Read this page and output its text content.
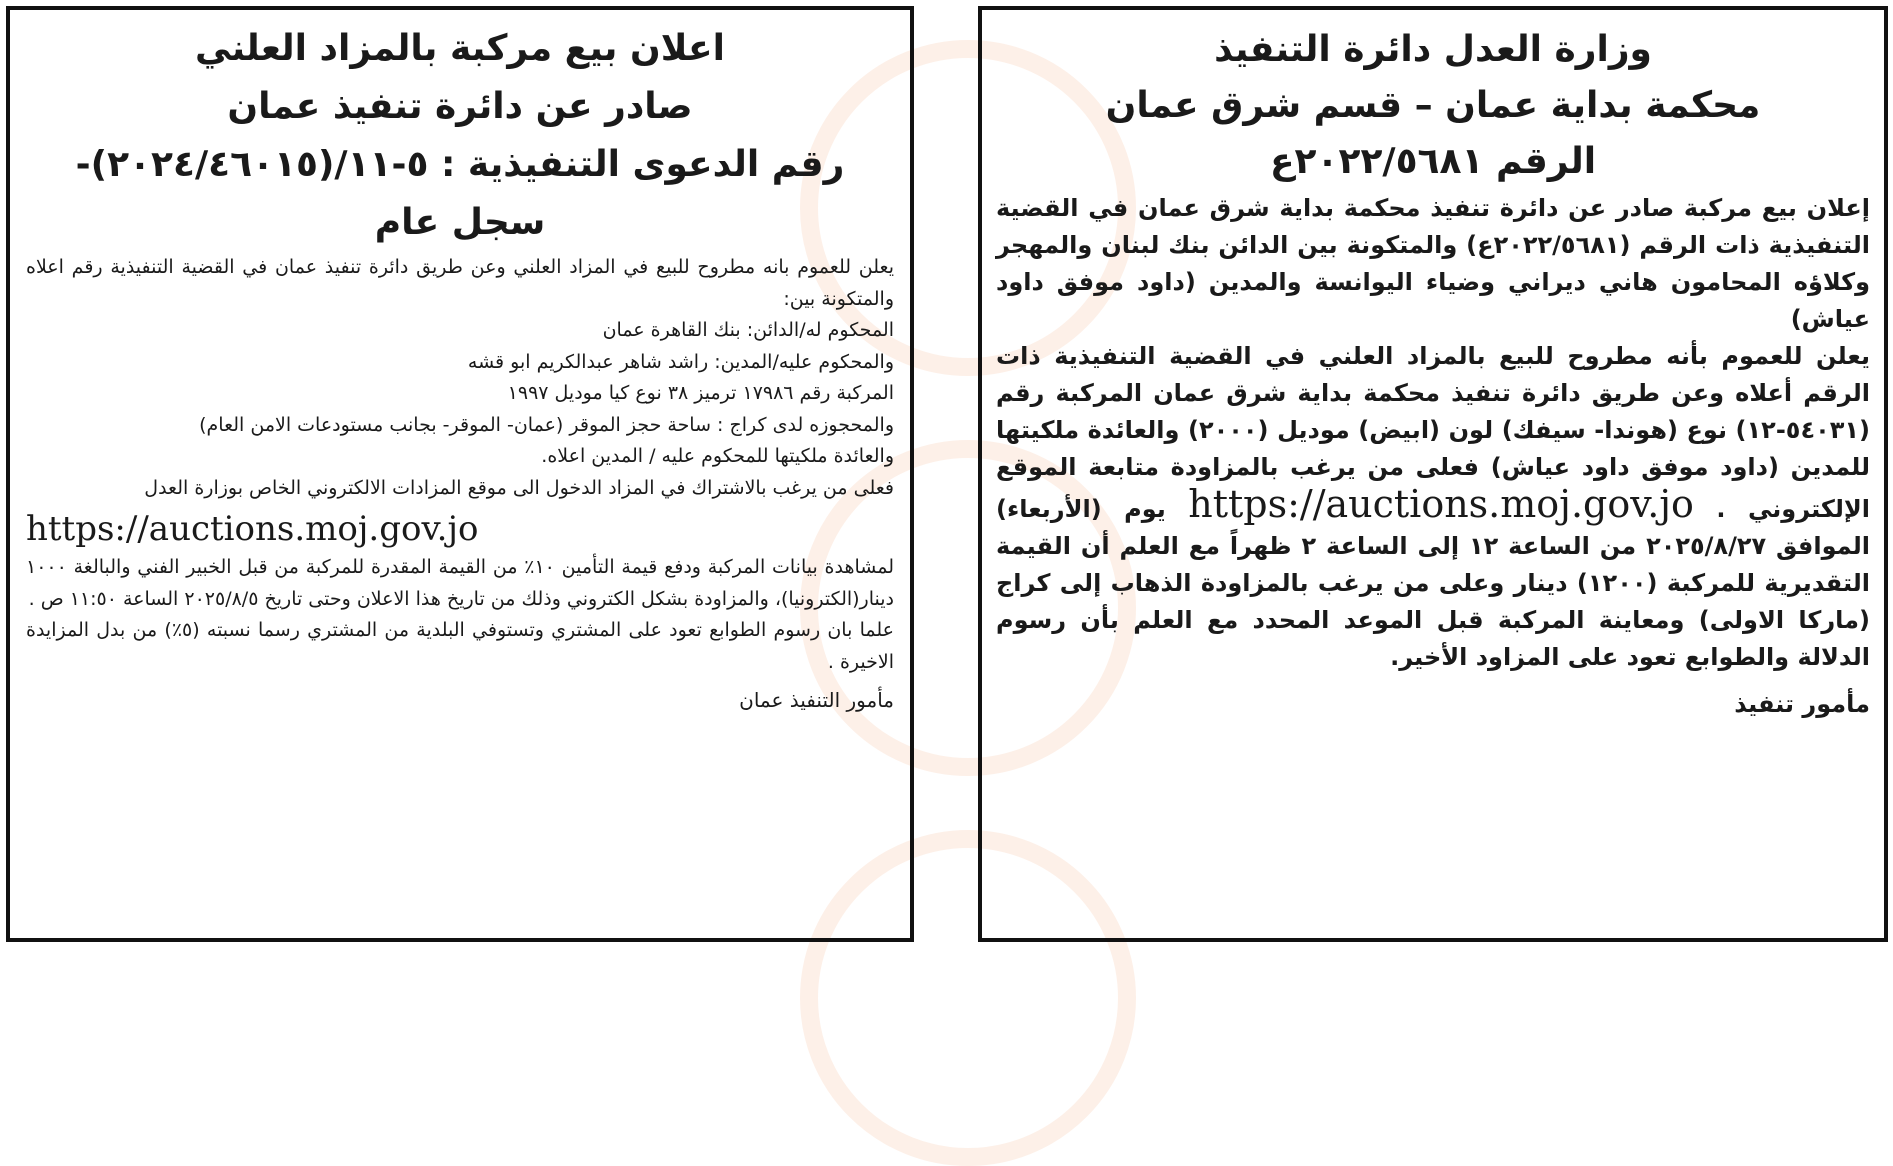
وزارة العدل دائرة التنفيذ

محكمة بداية عمان – قسم شرق عمان

الرقم ٢٠٢٢/٥٦٨١ع

إعلان بيع مركبة صادر عن دائرة تنفيذ محكمة بداية شرق عمان في القضية التنفيذية ذات الرقم (٢٠٢٢/٥٦٨١ع) والمتكونة بين الدائن بنك لبنان والمهجر وكلاؤه المحامون هاني ديراني وضياء اليوانسة والمدين (داود موفق داود عياش)

يعلن للعموم بأنه مطروح للبيع بالمزاد العلني في القضية التنفيذية ذات الرقم أعلاه وعن طريق دائرة تنفيذ محكمة بداية شرق عمان المركبة رقم (٥٤٠٣١-١٢) نوع (هوندا- سيفك) لون (ابيض) موديل (٢٠٠٠) والعائدة ملكيتها للمدين (داود موفق داود عياش) فعلى من يرغب بالمزاودة متابعة الموقع الإلكتروني . https://auctions.moj.gov.jo يوم (الأربعاء) الموافق ٢٠٢٥/٨/٢٧ من الساعة ١٢ إلى الساعة ٢ ظهراً مع العلم أن القيمة التقديرية للمركبة (١٢٠٠) دينار وعلى من يرغب بالمزاودة الذهاب إلى كراج (ماركا الاولى) ومعاينة المركبة قبل الموعد المحدد مع العلم بأن رسوم الدلالة والطوابع تعود على المزاود الأخير.

مأمور تنفيذ

اعلان بيع مركبة بالمزاد العلني

صادر عن دائرة تنفيذ عمان

رقم الدعوى التنفيذية : ٥-١١/(٢٠٢٤/٤٦٠١٥)-

سجل عام

يعلن للعموم بانه مطروح للبيع في المزاد العلني وعن طريق دائرة تنفيذ عمان في القضية التنفيذية رقم اعلاه والمتكونة بين:

المحكوم له/الدائن: بنك القاهرة عمان

والمحكوم عليه/المدين: راشد شاهر عبدالكريم ابو قشه

المركبة رقم ١٧٩٨٦ ترميز ٣٨ نوع كيا موديل ١٩٩٧

والمحجوزه لدى كراج : ساحة حجز الموقر (عمان- الموقر- بجانب مستودعات الامن العام)

والعائدة ملكيتها للمحكوم عليه / المدين اعلاه.

فعلى من يرغب بالاشتراك في المزاد الدخول الى موقع المزادات الالكتروني الخاص بوزارة العدل

https://auctions.moj.gov.jo

لمشاهدة بيانات المركبة ودفع قيمة التأمين ١٠٪ من القيمة المقدرة للمركبة من قبل الخبير الفني والبالغة ١٠٠٠ دينار(الكترونيا)، والمزاودة بشكل الكتروني وذلك من تاريخ هذا الاعلان وحتى تاريخ ٢٠٢٥/٨/٥ الساعة ١١:٥٠ ص .

علما بان رسوم الطوابع تعود على المشتري وتستوفي البلدية من المشتري رسما نسبته (٥٪) من بدل المزايدة الاخيرة .

مأمور التنفيذ عمان
